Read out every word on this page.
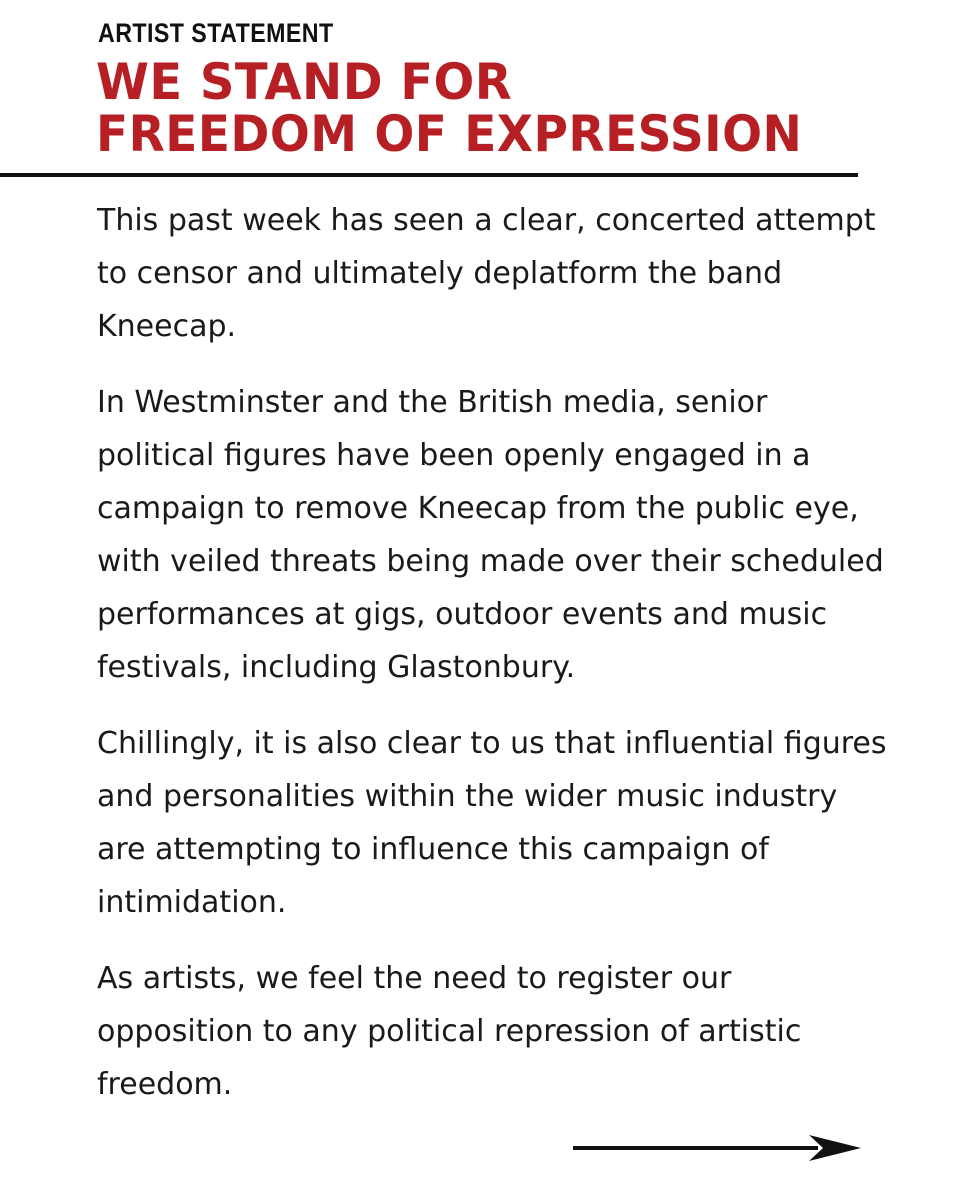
ARTIST STATEMENT
WE STAND FOR
FREEDOM OF EXPRESSION

This past week has seen a clear, concerted attempt to censor and ultimately deplatform the band Kneecap.

In Westminster and the British media, senior political figures have been openly engaged in a campaign to remove Kneecap from the public eye, with veiled threats being made over their scheduled performances at gigs, outdoor events and music festivals, including Glastonbury.

Chillingly, it is also clear to us that influential figures and personalities within the wider music industry are attempting to influence this campaign of intimidation.

As artists, we feel the need to register our opposition to any political repression of artistic freedom.
